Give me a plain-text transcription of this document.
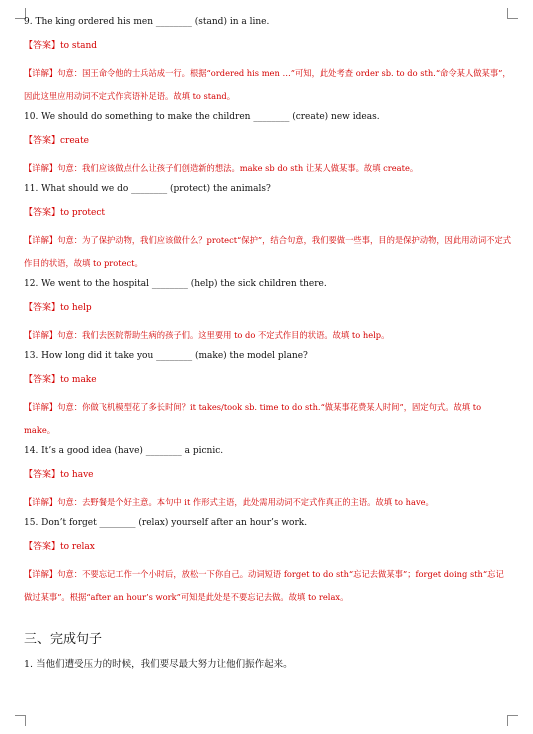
9. The king ordered his men ________ (stand) in a line.

【答案】to stand

【详解】句意：国王命令他的士兵站成一行。根据“ordered his men …”可知，此处考查 order sb. to do sth.“命令某人做某事”，因此这里应用动词不定式作宾语补足语。故填 to stand。

10. We should do something to make the children ________ (create) new ideas.

【答案】create

【详解】句意：我们应该做点什么让孩子们创造新的想法。make sb do sth 让某人做某事。故填 create。

11. What should we do ________ (protect) the animals?

【答案】to protect

【详解】句意：为了保护动物，我们应该做什么？protect“保护”，结合句意，我们要做一些事，目的是保护动物，因此用动词不定式作目的状语，故填 to protect。

12. We went to the hospital ________ (help) the sick children there.

【答案】to help

【详解】句意：我们去医院帮助生病的孩子们。这里要用 to do 不定式作目的状语。故填 to help。

13. How long did it take you ________ (make) the model plane?

【答案】to make

【详解】句意：你做飞机模型花了多长时间？it takes/took sb. time to do sth.“做某事花费某人时间”，固定句式。故填 to make。

14. It’s a good idea (have) ________ a picnic.

【答案】to have

【详解】句意：去野餐是个好主意。本句中 it 作形式主语，此处需用动词不定式作真正的主语。故填 to have。

15. Don’t forget ________ (relax) yourself after an hour’s work.

【答案】to relax

【详解】句意：不要忘记工作一个小时后，放松一下你自己。动词短语 forget to do sth“忘记去做某事”；forget doing sth“忘记做过某事”。根据“after an hour’s work”可知是此处是不要忘记去做。故填 to relax。

三、完成句子

1. 当他们遭受压力的时候，我们要尽最大努力让他们振作起来。
